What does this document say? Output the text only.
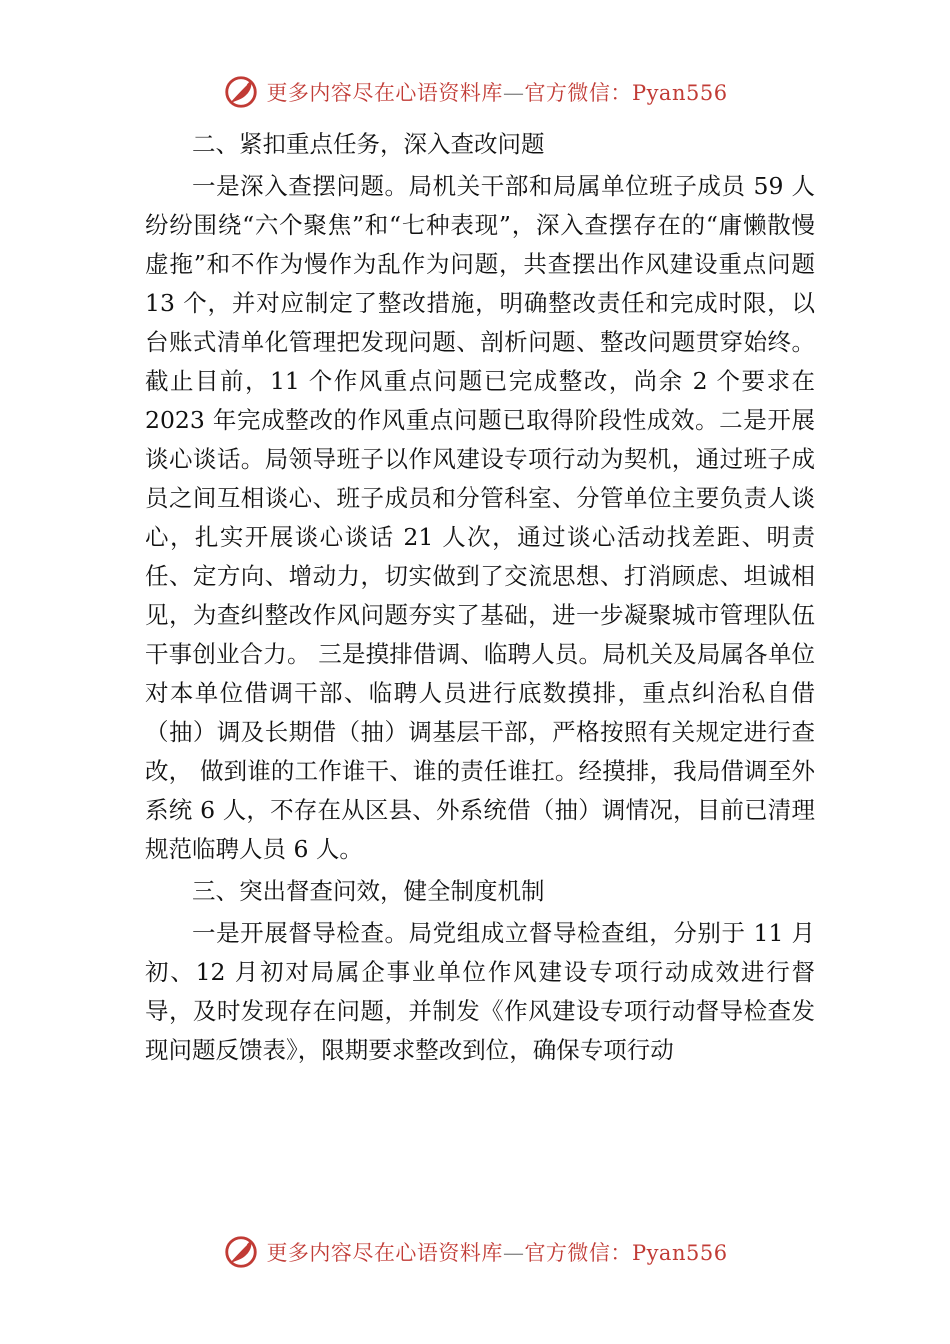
更多内容尽在心语资料库—官方微信：Pyan556

二、紧扣重点任务，深入查改问题

一是深入查摆问题。局机关干部和局属单位班子成员 59 人纷纷围绕“六个聚焦”和“七种表现”，深入查摆存在的“庸懒散慢虚拖”和不作为慢作为乱作为问题，共查摆出作风建设重点问题 13 个，并对应制定了整改措施，明确整改责任和完成时限，以台账式清单化管理把发现问题、剖析问题、整改问题贯穿始终。截止目前，11 个作风重点问题已完成整改，尚余 2 个要求在 2023 年完成整改的作风重点问题已取得阶段性成效。二是开展谈心谈话。局领导班子以作风建设专项行动为契机，通过班子成员之间互相谈心、班子成员和分管科室、分管单位主要负责人谈心，扎实开展谈心谈话 21 人次，通过谈心活动找差距、明责任、定方向、增动力，切实做到了交流思想、打消顾虑、坦诚相见，为查纠整改作风问题夯实了基础，进一步凝聚城市管理队伍干事创业合力。 三是摸排借调、临聘人员。局机关及局属各单位对本单位借调干部、临聘人员进行底数摸排，重点纠治私自借（抽）调及长期借（抽）调基层干部，严格按照有关规定进行查改， 做到谁的工作谁干、谁的责任谁扛。经摸排，我局借调至外系统 6 人，不存在从区县、外系统借（抽）调情况，目前已清理规范临聘人员 6 人。

三、突出督查问效，健全制度机制

一是开展督导检查。局党组成立督导检查组，分别于 11 月初、12 月初对局属企事业单位作风建设专项行动成效进行督导，及时发现存在问题，并制发《作风建设专项行动督导检查发现问题反馈表》，限期要求整改到位，确保专项行动

更多内容尽在心语资料库—官方微信：Pyan556
